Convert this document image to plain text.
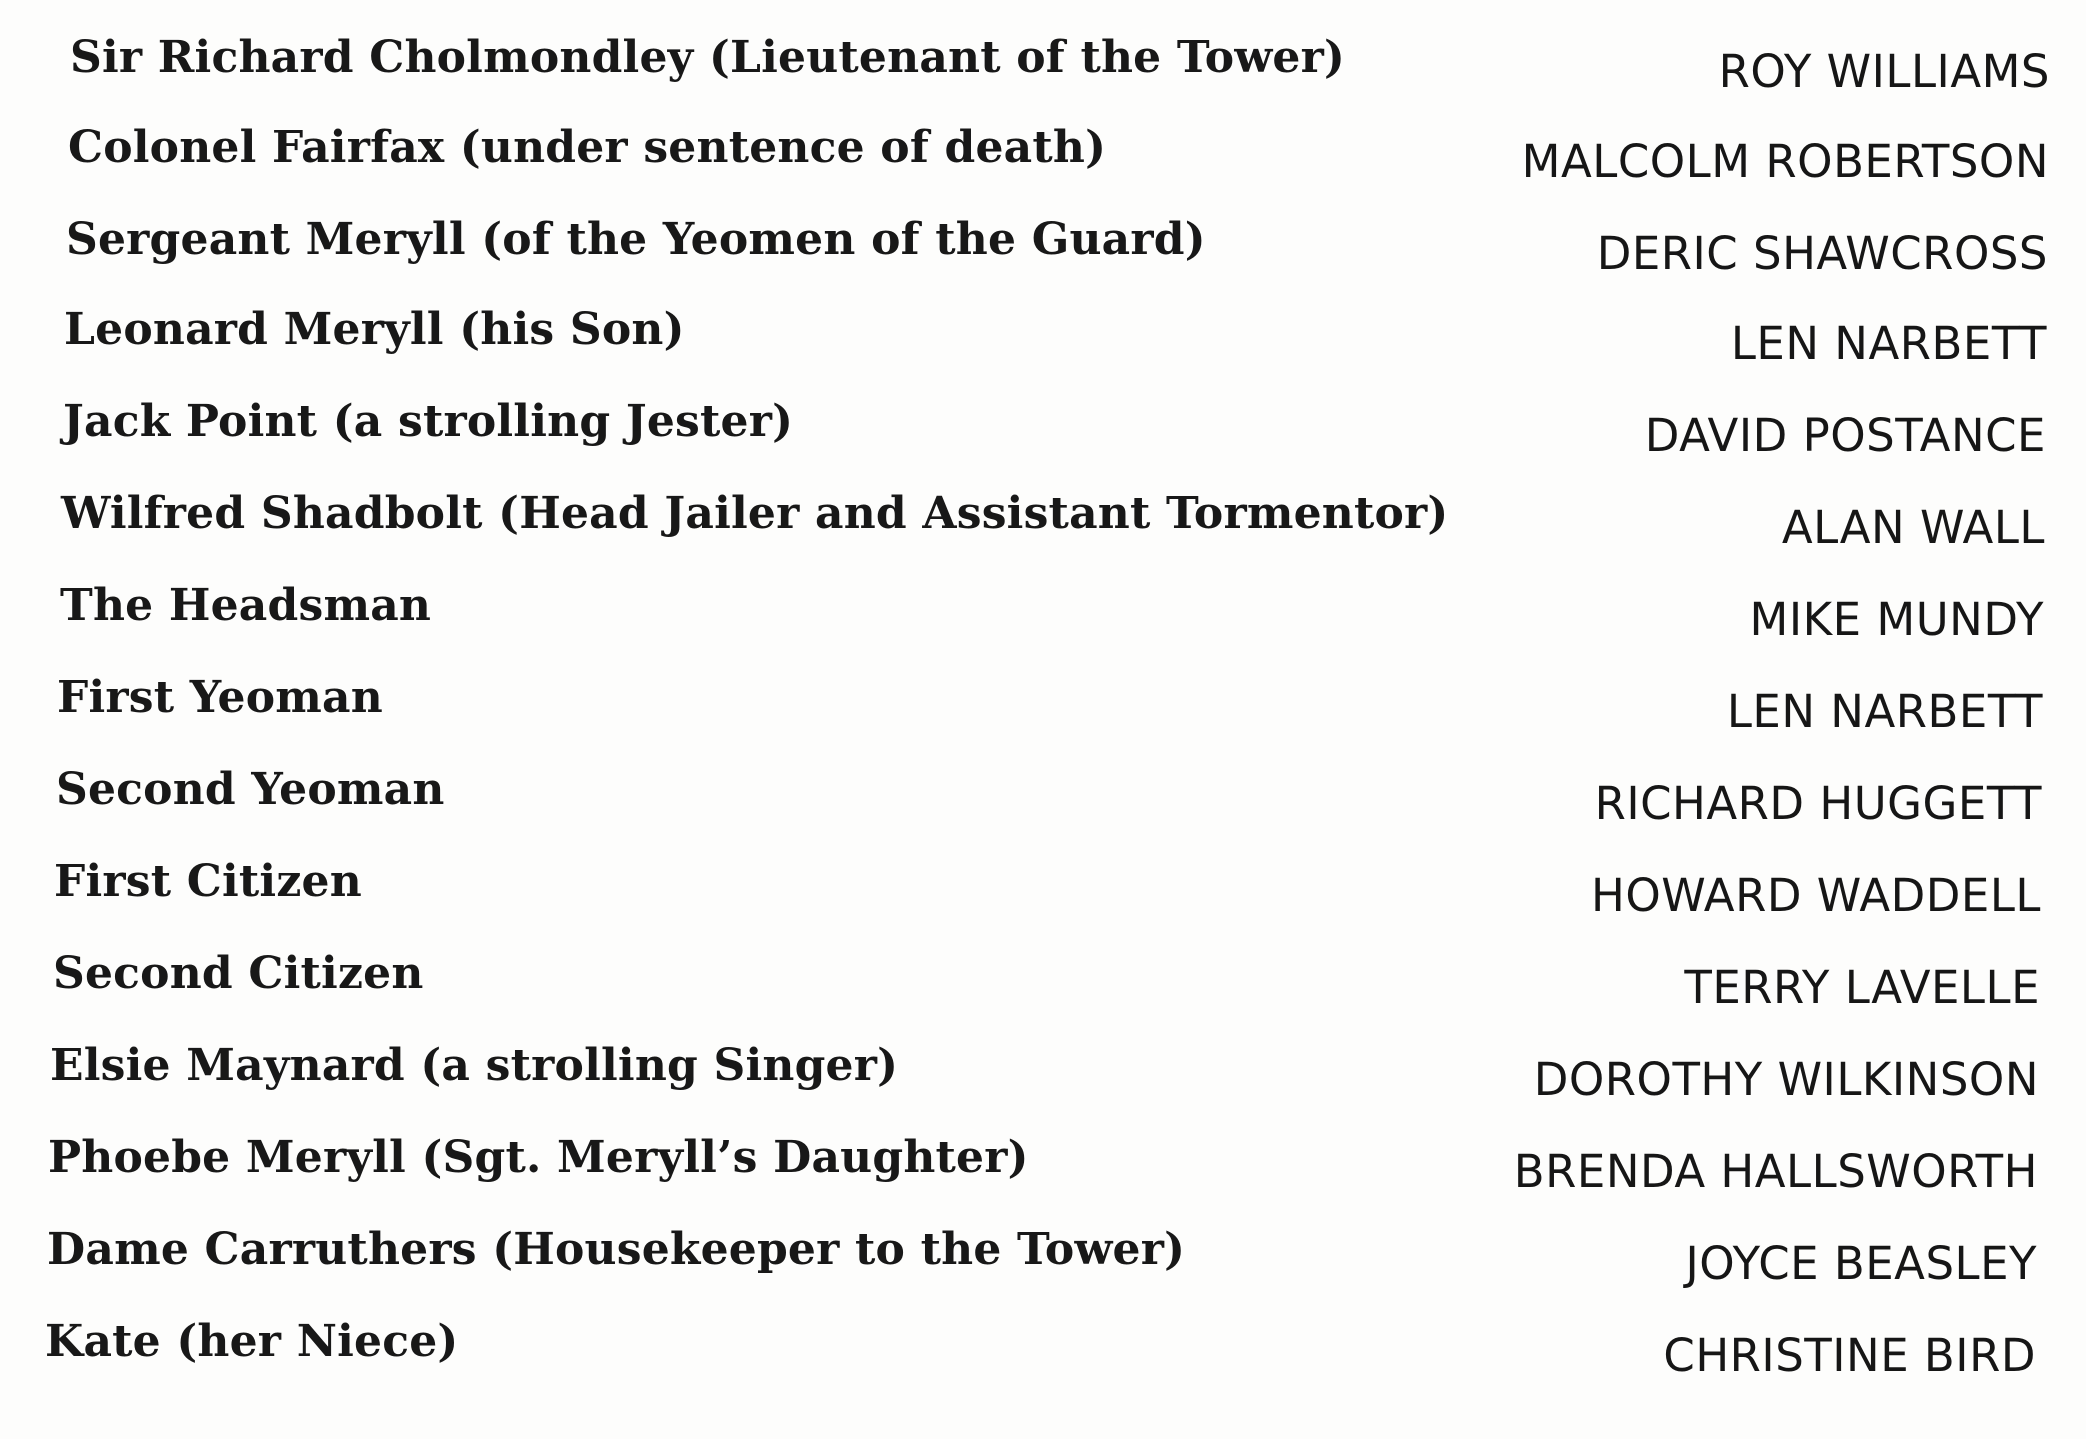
Sir Richard Cholmondley (Lieutenant of the Tower)	ROY WILLIAMS
Colonel Fairfax (under sentence of death)	MALCOLM ROBERTSON
Sergeant Meryll (of the Yeomen of the Guard)	DERIC SHAWCROSS
Leonard Meryll (his Son)	LEN NARBETT
Jack Point (a strolling Jester)	DAVID POSTANCE
Wilfred Shadbolt (Head Jailer and Assistant Tormentor)	ALAN WALL
The Headsman	MIKE MUNDY
First Yeoman	LEN NARBETT
Second Yeoman	RICHARD HUGGETT
First Citizen	HOWARD WADDELL
Second Citizen	TERRY LAVELLE
Elsie Maynard (a strolling Singer)	DOROTHY WILKINSON
Phoebe Meryll (Sgt. Meryll’s Daughter)	BRENDA HALLSWORTH
Dame Carruthers (Housekeeper to the Tower)	JOYCE BEASLEY
Kate (her Niece)	CHRISTINE BIRD
